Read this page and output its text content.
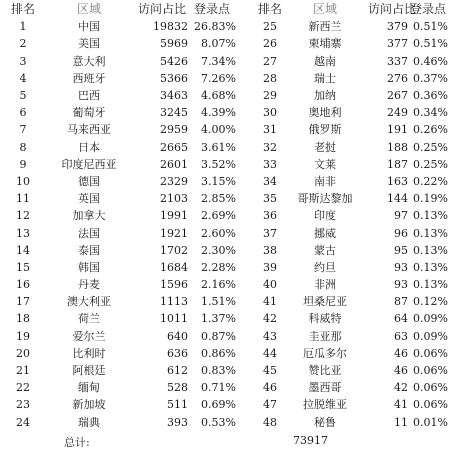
排名	区域	访问占比	登录点		排名	区域	访问占比	登录点
1	中国	19832	26.83%		25	新西兰	379	0.51%
2	美国	5969	8.07%		26	柬埔寨	377	0.51%
3	意大利	5426	7.34%		27	越南	337	0.46%
4	西班牙	5366	7.26%		28	瑞士	276	0.37%
5	巴西	3463	4.68%		29	加纳	267	0.36%
6	葡萄牙	3245	4.39%		30	奥地利	249	0.34%
7	马来西亚	2959	4.00%		31	俄罗斯	191	0.26%
8	日本	2665	3.61%		32	老挝	188	0.25%
9	印度尼西亚	2601	3.52%		33	文莱	187	0.25%
10	德国	2329	3.15%		34	南非	163	0.22%
11	英国	2103	2.85%		35	哥斯达黎加	144	0.19%
12	加拿大	1991	2.69%		36	印度	97	0.13%
13	法国	1921	2.60%		37	挪威	96	0.13%
14	泰国	1702	2.30%		38	蒙古	95	0.13%
15	韩国	1684	2.28%		39	约旦	93	0.13%
16	丹麦	1596	2.16%		40	非洲	93	0.13%
17	澳大利亚	1113	1.51%		41	坦桑尼亚	87	0.12%
18	荷兰	1011	1.37%		42	科威特	64	0.09%
19	爱尔兰	640	0.87%		43	圭亚那	63	0.09%
20	比利时	636	0.86%		44	厄瓜多尔	46	0.06%
21	阿根廷	612	0.83%		45	赞比亚	46	0.06%
22	缅甸	528	0.71%		46	墨西哥	42	0.06%
23	新加坡	511	0.69%		47	拉脱维亚	41	0.06%
24	瑞典	393	0.53%		48	秘鲁	11	0.01%
总计:	73917
